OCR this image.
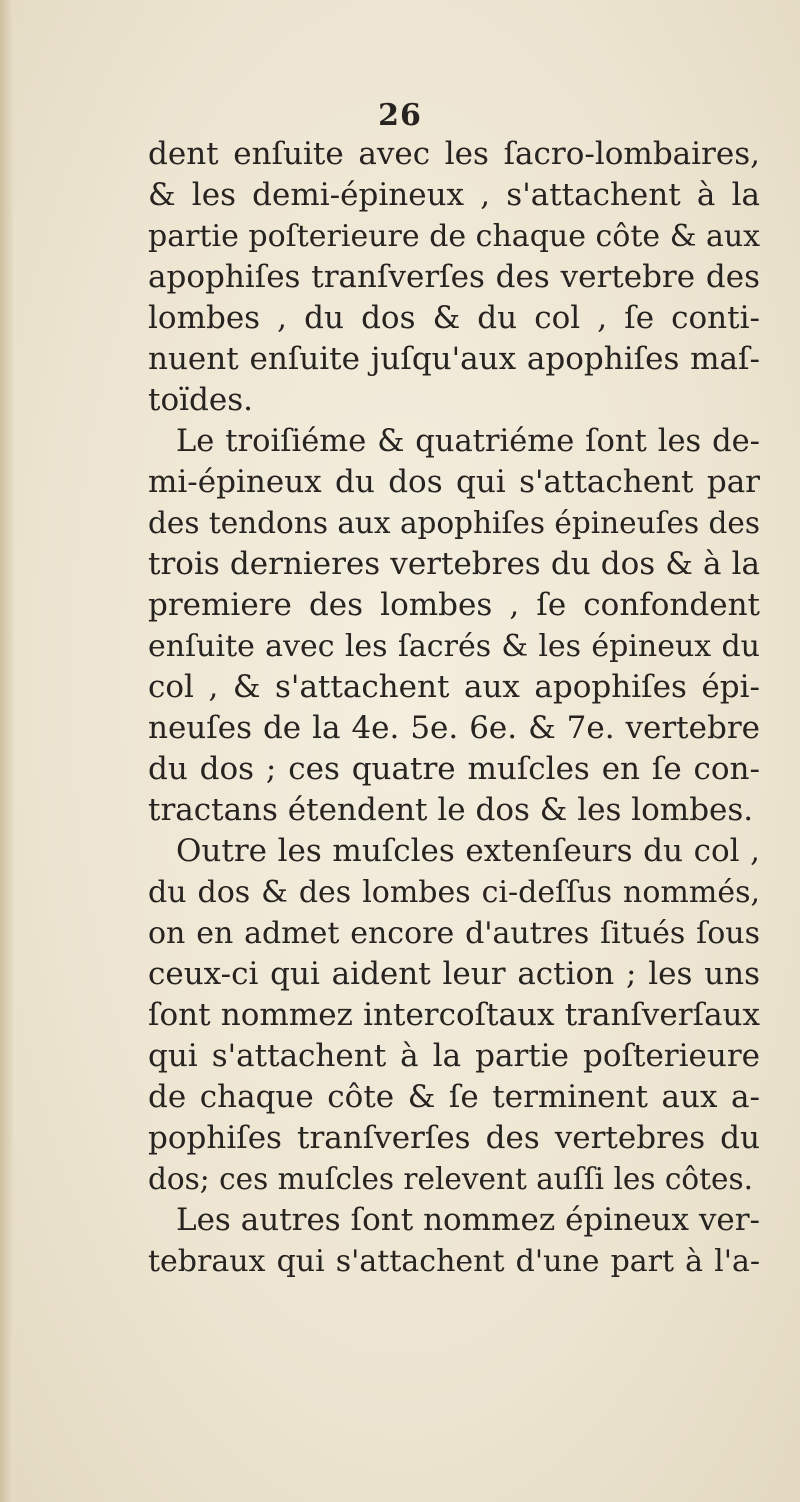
26
dent enſuite avec les ſacro-lombaires,
& les demi-épineux , s'attachent à la
partie poſterieure de chaque côte & aux
apophiſes tranſverſes des vertebre des
lombes , du dos & du col , ſe conti-
nuent enſuite juſqu'aux apophiſes maſ-
toïdes.
Le troiſiéme & quatriéme ſont les de-
mi-épineux du dos qui s'attachent par
des tendons aux apophiſes épineuſes des
trois dernieres vertebres du dos & à la
premiere des lombes , ſe confondent
enſuite avec les ſacrés & les épineux du
col , & s'attachent aux apophiſes épi-
neuſes de la 4e. 5e. 6e. & 7e. vertebre
du dos ; ces quatre muſcles en ſe con-
tractans étendent le dos & les lombes.
Outre les muſcles extenſeurs du col ,
du dos & des lombes ci-deſſus nommés,
on en admet encore d'autres ſitués ſous
ceux-ci qui aident leur action ; les uns
ſont nommez intercoſtaux tranſverſaux
qui s'attachent à la partie poſterieure
de chaque côte & ſe terminent aux a-
pophiſes tranſverſes des vertebres du
dos; ces muſcles relevent auſſi les côtes.
Les autres ſont nommez épineux ver-
tebraux qui s'attachent d'une part à l'a-
